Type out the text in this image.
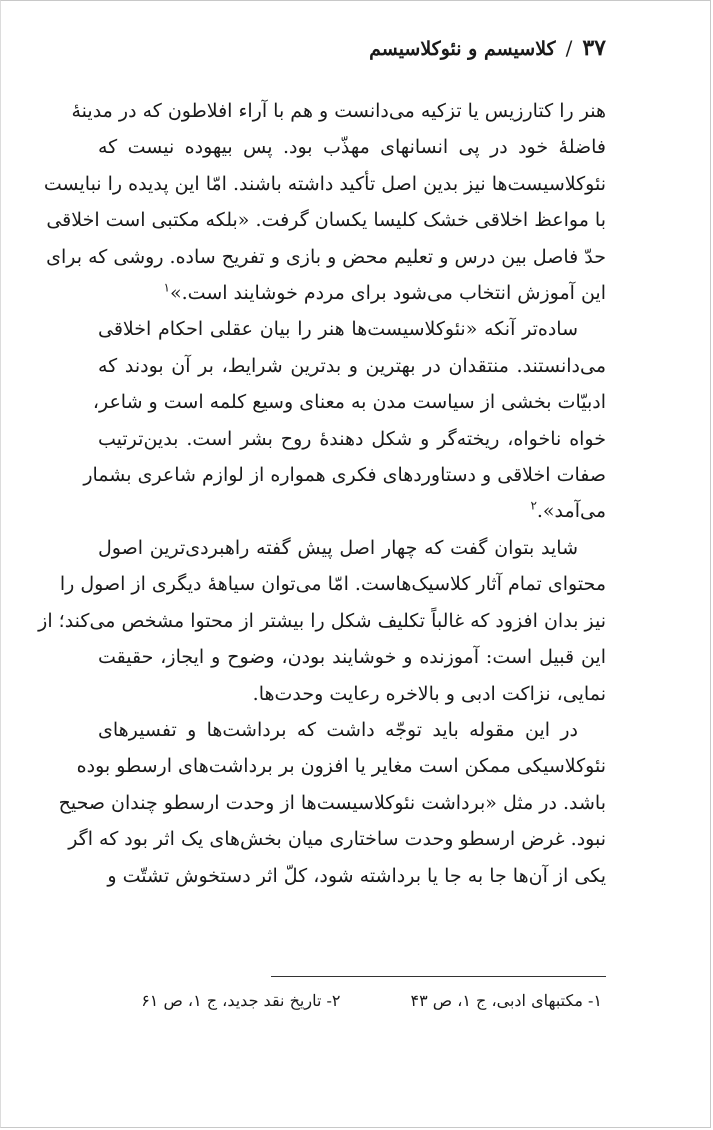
۳۷
/
کلاسیسم و نئوکلاسیسم
هنر را کتارزیس یا تزکیه می‌دانست و هم با آراء افلاطون که در مدینهٔ
فاضلهٔ خود در پی انسانهای مهذّب بود. پس بیهوده نیست که
نئوکلاسیست‌ها نیز بدین اصل تأکید داشته باشند. امّا این پدیده را نبایست
با مواعظ اخلاقی خشک کلیسا یکسان گرفت. «بلکه مکتبی است اخلاقی
حدّ فاصل بین درس و تعلیم محض و بازی و تفریح ساده. روشی که برای
این آموزش انتخاب می‌شود برای مردم خوشایند است.»$^۱$
ساده‌تر آنکه «نئوکلاسیست‌ها هنر را بیان عقلی احکام اخلاقی
می‌دانستند. منتقدان در بهترین و بدترین شرایط، بر آن بودند که
ادبیّات بخشی از سیاست مدن به معنای وسیع کلمه است و شاعر،
خواه ناخواه، ریخته‌گر و شکل دهندهٔ روح بشر است. بدین‌ترتیب
صفات اخلاقی و دستاوردهای فکری همواره از لوازم شاعری بشمار
می‌آمد».$^۲$
شاید بتوان گفت که چهار اصل پیش گفته راهبردی‌ترین اصول
محتوای تمام آثار کلاسیک‌هاست. امّا می‌توان سیاههٔ دیگری از اصول را
نیز بدان افزود که غالباً تکلیف شکل را بیشتر از محتوا مشخص می‌کند؛ از
این قبیل است: آموزنده و خوشایند بودن، وضوح و ایجاز، حقیقت
نمایی، نزاکت ادبی و بالاخره رعایت وحدت‌ها.
در این مقوله باید توجّه داشت که برداشت‌ها و تفسیرهای
نئوکلاسیکی ممکن است مغایر یا افزون بر برداشت‌های ارسطو بوده
باشد. در مثل «برداشت نئوکلاسیست‌ها از وحدت ارسطو چندان صحیح
نبود. غرض ارسطو وحدت ساختاری میان بخش‌های یک اثر بود که اگر
یکی از آن‌ها جا به جا یا برداشته شود، کلّ اثر دستخوش تشتّت و
۱- مکتبهای ادبی، ج ۱، ص ۴۳
۲- تاریخ نقد جدید، ج ۱، ص ۶۱
